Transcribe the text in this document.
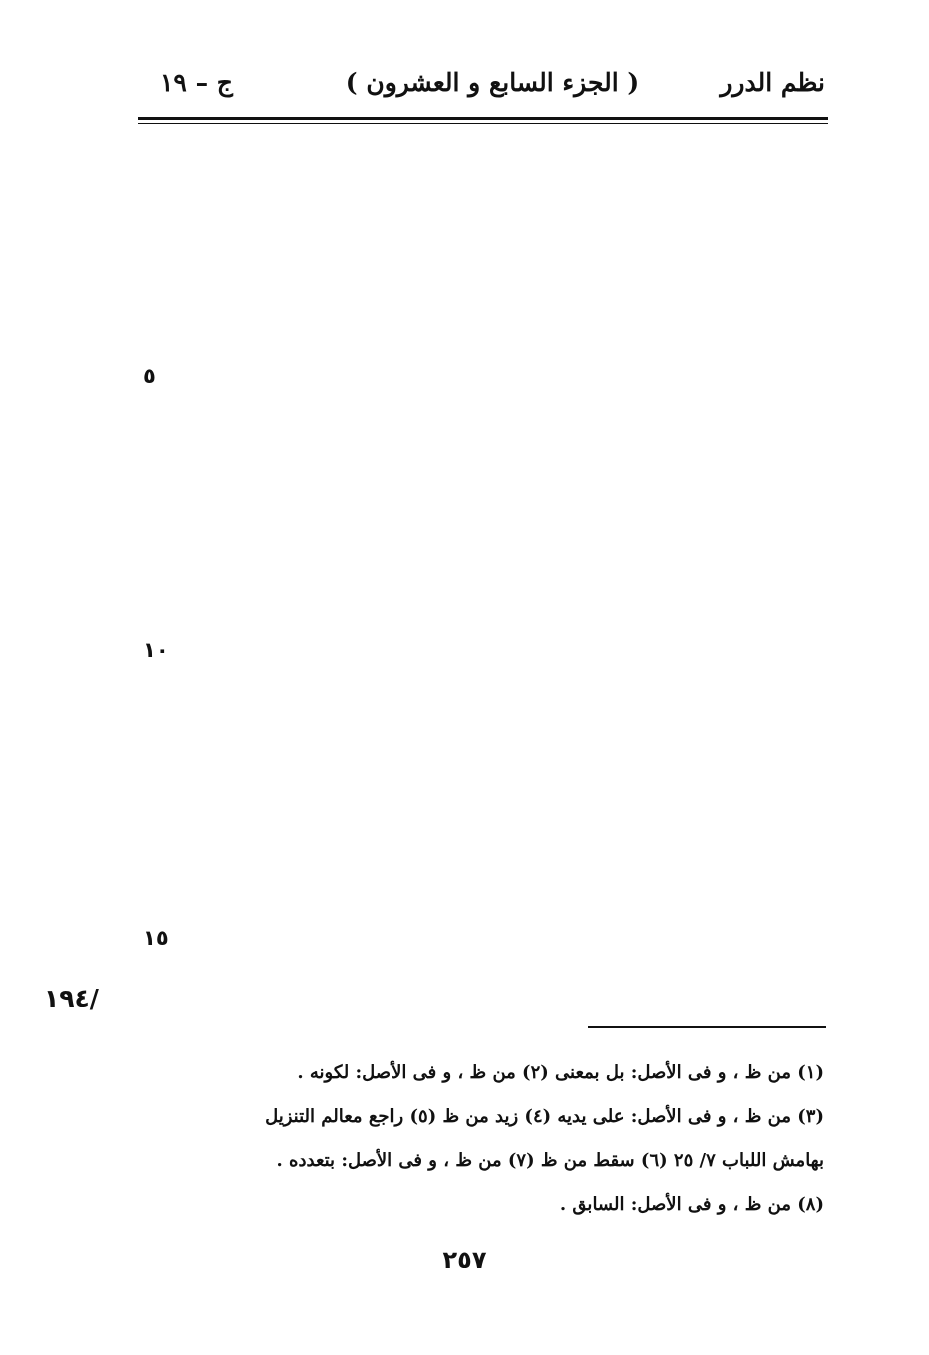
نظم الدرر
( الجزء السابع و العشرون )
ج – ١٩
٥
١٠
١٥
/١٩٤
(١) من ظ ، و فى الأصل: بل بمعنى (٢) من ظ ، و فى الأصل: لكونه .
(٣) من ظ ، و فى الأصل: على يديه (٤) زيد من ظ (٥) راجع معالم التنزيل
بهامش اللباب ٧/ ٢٥ (٦) سقط من ظ (٧) من ظ ، و فى الأصل: بتعدده .
(٨) من ظ ، و فى الأصل: السابق .
٢٥٧
